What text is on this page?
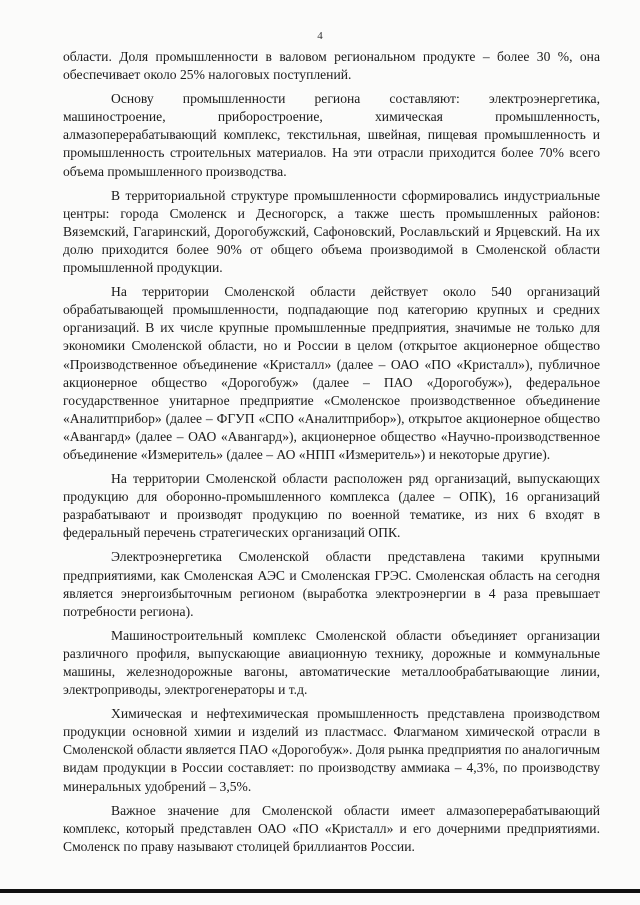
4

области. Доля промышленности в валовом региональном продукте – более 30 %, она обеспечивает около 25% налоговых поступлений.

Основу промышленности региона составляют: электроэнергетика, машиностроение, приборостроение, химическая промышленность, алмазоперерабатывающий комплекс, текстильная, швейная, пищевая промышленность и промышленность строительных материалов. На эти отрасли приходится более 70% всего объема промышленного производства.

В территориальной структуре промышленности сформировались индустриальные центры: города Смоленск и Десногорск, а также шесть промышленных районов: Вяземский, Гагаринский, Дорогобужский, Сафоновский, Рославльский и Ярцевский. На их долю приходится более 90% от общего объема производимой в Смоленской области промышленной продукции.

На территории Смоленской области действует около 540 организаций обрабатывающей промышленности, подпадающие под категорию крупных и средних организаций. В их числе крупные промышленные предприятия, значимые не только для экономики Смоленской области, но и России в целом (открытое акционерное общество «Производственное объединение «Кристалл» (далее – ОАО «ПО «Кристалл»), публичное акционерное общество «Дорогобуж» (далее – ПАО «Дорогобуж»), федеральное государственное унитарное предприятие «Смоленское производственное объединение «Аналитприбор» (далее – ФГУП «СПО «Аналитприбор»), открытое акционерное общество «Авангард» (далее – ОАО «Авангард»), акционерное общество «Научно-производственное объединение «Измеритель» (далее – АО «НПП «Измеритель») и некоторые другие).

На территории Смоленской области расположен ряд организаций, выпускающих продукцию для оборонно-промышленного комплекса (далее – ОПК), 16 организаций разрабатывают и производят продукцию по военной тематике, из них 6 входят в федеральный перечень стратегических организаций ОПК.

Электроэнергетика Смоленской области представлена такими крупными предприятиями, как Смоленская АЭС и Смоленская ГРЭС. Смоленская область на сегодня является энергоизбыточным регионом (выработка электроэнергии в 4 раза превышает потребности региона).

Машиностроительный комплекс Смоленской области объединяет организации различного профиля, выпускающие авиационную технику, дорожные и коммунальные машины, железнодорожные вагоны, автоматические металлообрабатывающие линии, электроприводы, электрогенераторы и т.д.

Химическая и нефтехимическая промышленность представлена производством продукции основной химии и изделий из пластмасс. Флагманом химической отрасли в Смоленской области является ПАО «Дорогобуж». Доля рынка предприятия по аналогичным видам продукции в России составляет: по производству аммиака – 4,3%, по производству минеральных удобрений – 3,5%.

Важное значение для Смоленской области имеет алмазоперерабатывающий комплекс, который представлен ОАО «ПО «Кристалл» и его дочерними предприятиями. Смоленск по праву называют столицей бриллиантов России.
